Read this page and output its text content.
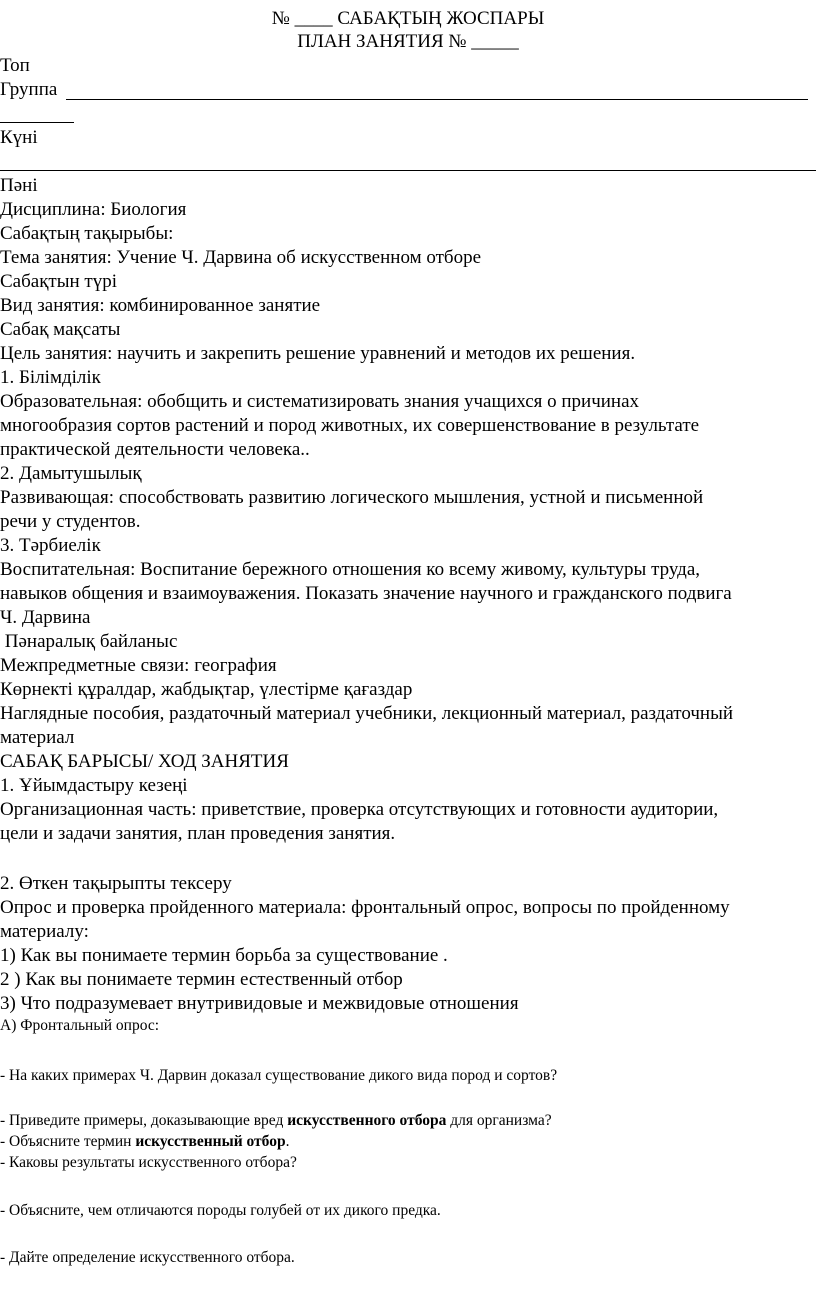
№ ____ САБАҚТЫҢ ЖОСПАРЫ
ПЛАН ЗАНЯТИЯ № _____
Топ
Группа
Күні
Пәні
Дисциплина: Биология
Сабақтың тақырыбы:
Тема занятия: Учение Ч. Дарвина об искусственном отборе
Сабақтын түрі
Вид занятия: комбинированное занятие
Сабақ мақсаты
Цель занятия: научить и закрепить решение уравнений и методов их решения.
1. Білімділік
Образовательная: обобщить и систематизировать знания учащихся о причинах
многообразия сортов растений и пород животных, их совершенствование в результате
практической деятельности человека..
2. Дамытушылық
Развивающая: способствовать развитию логического мышления, устной и письменной
речи у студентов.
3. Тәрбиелік
Воспитательная: Воспитание бережного отношения ко всему живому, культуры труда,
навыков общения и взаимоуважения. Показать значение научного и гражданского подвига
Ч. Дарвина
Пәнаралық байланыс
Межпредметные связи: география
Көрнекті құралдар, жабдықтар, үлестірме қағаздар
Наглядные пособия, раздаточный материал учебники, лекционный материал, раздаточный
материал
САБАҚ БАРЫСЫ/ ХОД ЗАНЯТИЯ
1. Ұйымдастыру кезеңі
Организационная часть: приветствие, проверка отсутствующих и готовности аудитории,
цели и задачи занятия, план проведения занятия.
2. Өткен тақырыпты тексеру
Опрос и проверка пройденного материала: фронтальный опрос, вопросы по пройденному
материалу:
1) Как вы понимаете термин борьба за существование .
2 ) Как вы понимаете термин естественный отбор
3) Что подразумевает внутривидовые и межвидовые отношения
А) Фронтальный опрос:
- На каких примерах Ч. Дарвин доказал существование дикого вида пород и сортов?
- Приведите примеры, доказывающие вред искусственного отбора для организма?
- Объясните термин искусственный отбор.
- Каковы результаты искусственного отбора?
- Объясните, чем отличаются породы голубей от их дикого предка.
- Дайте определение искусственного отбора.
